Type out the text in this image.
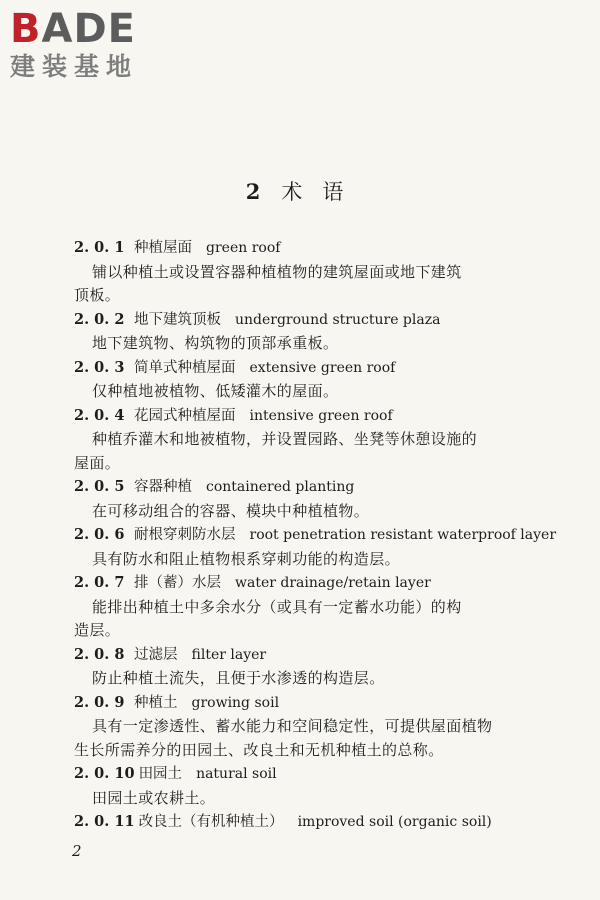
BADE
建装基地
2 术 语
2. 0. 1 种植屋面 green roof
铺以种植土或设置容器种植植物的建筑屋面或地下建筑
顶板。
2. 0. 2 地下建筑顶板 underground structure plaza
地下建筑物、构筑物的顶部承重板。
2. 0. 3 简单式种植屋面 extensive green roof
仅种植地被植物、低矮灌木的屋面。
2. 0. 4 花园式种植屋面 intensive green roof
种植乔灌木和地被植物，并设置园路、坐凳等休憩设施的
屋面。
2. 0. 5 容器种植 containered planting
在可移动组合的容器、模块中种植植物。
2. 0. 6 耐根穿刺防水层 root penetration resistant waterproof layer
具有防水和阻止植物根系穿刺功能的构造层。
2. 0. 7 排（蓄）水层 water drainage/retain layer
能排出种植土中多余水分（或具有一定蓄水功能）的构
造层。
2. 0. 8 过滤层 filter layer
防止种植土流失，且便于水渗透的构造层。
2. 0. 9 种植土 growing soil
具有一定渗透性、蓄水能力和空间稳定性，可提供屋面植物
生长所需养分的田园土、改良土和无机种植土的总称。
2. 0. 10 田园土 natural soil
田园土或农耕土。
2. 0. 11 改良土（有机种植土） improved soil (organic soil)
2
